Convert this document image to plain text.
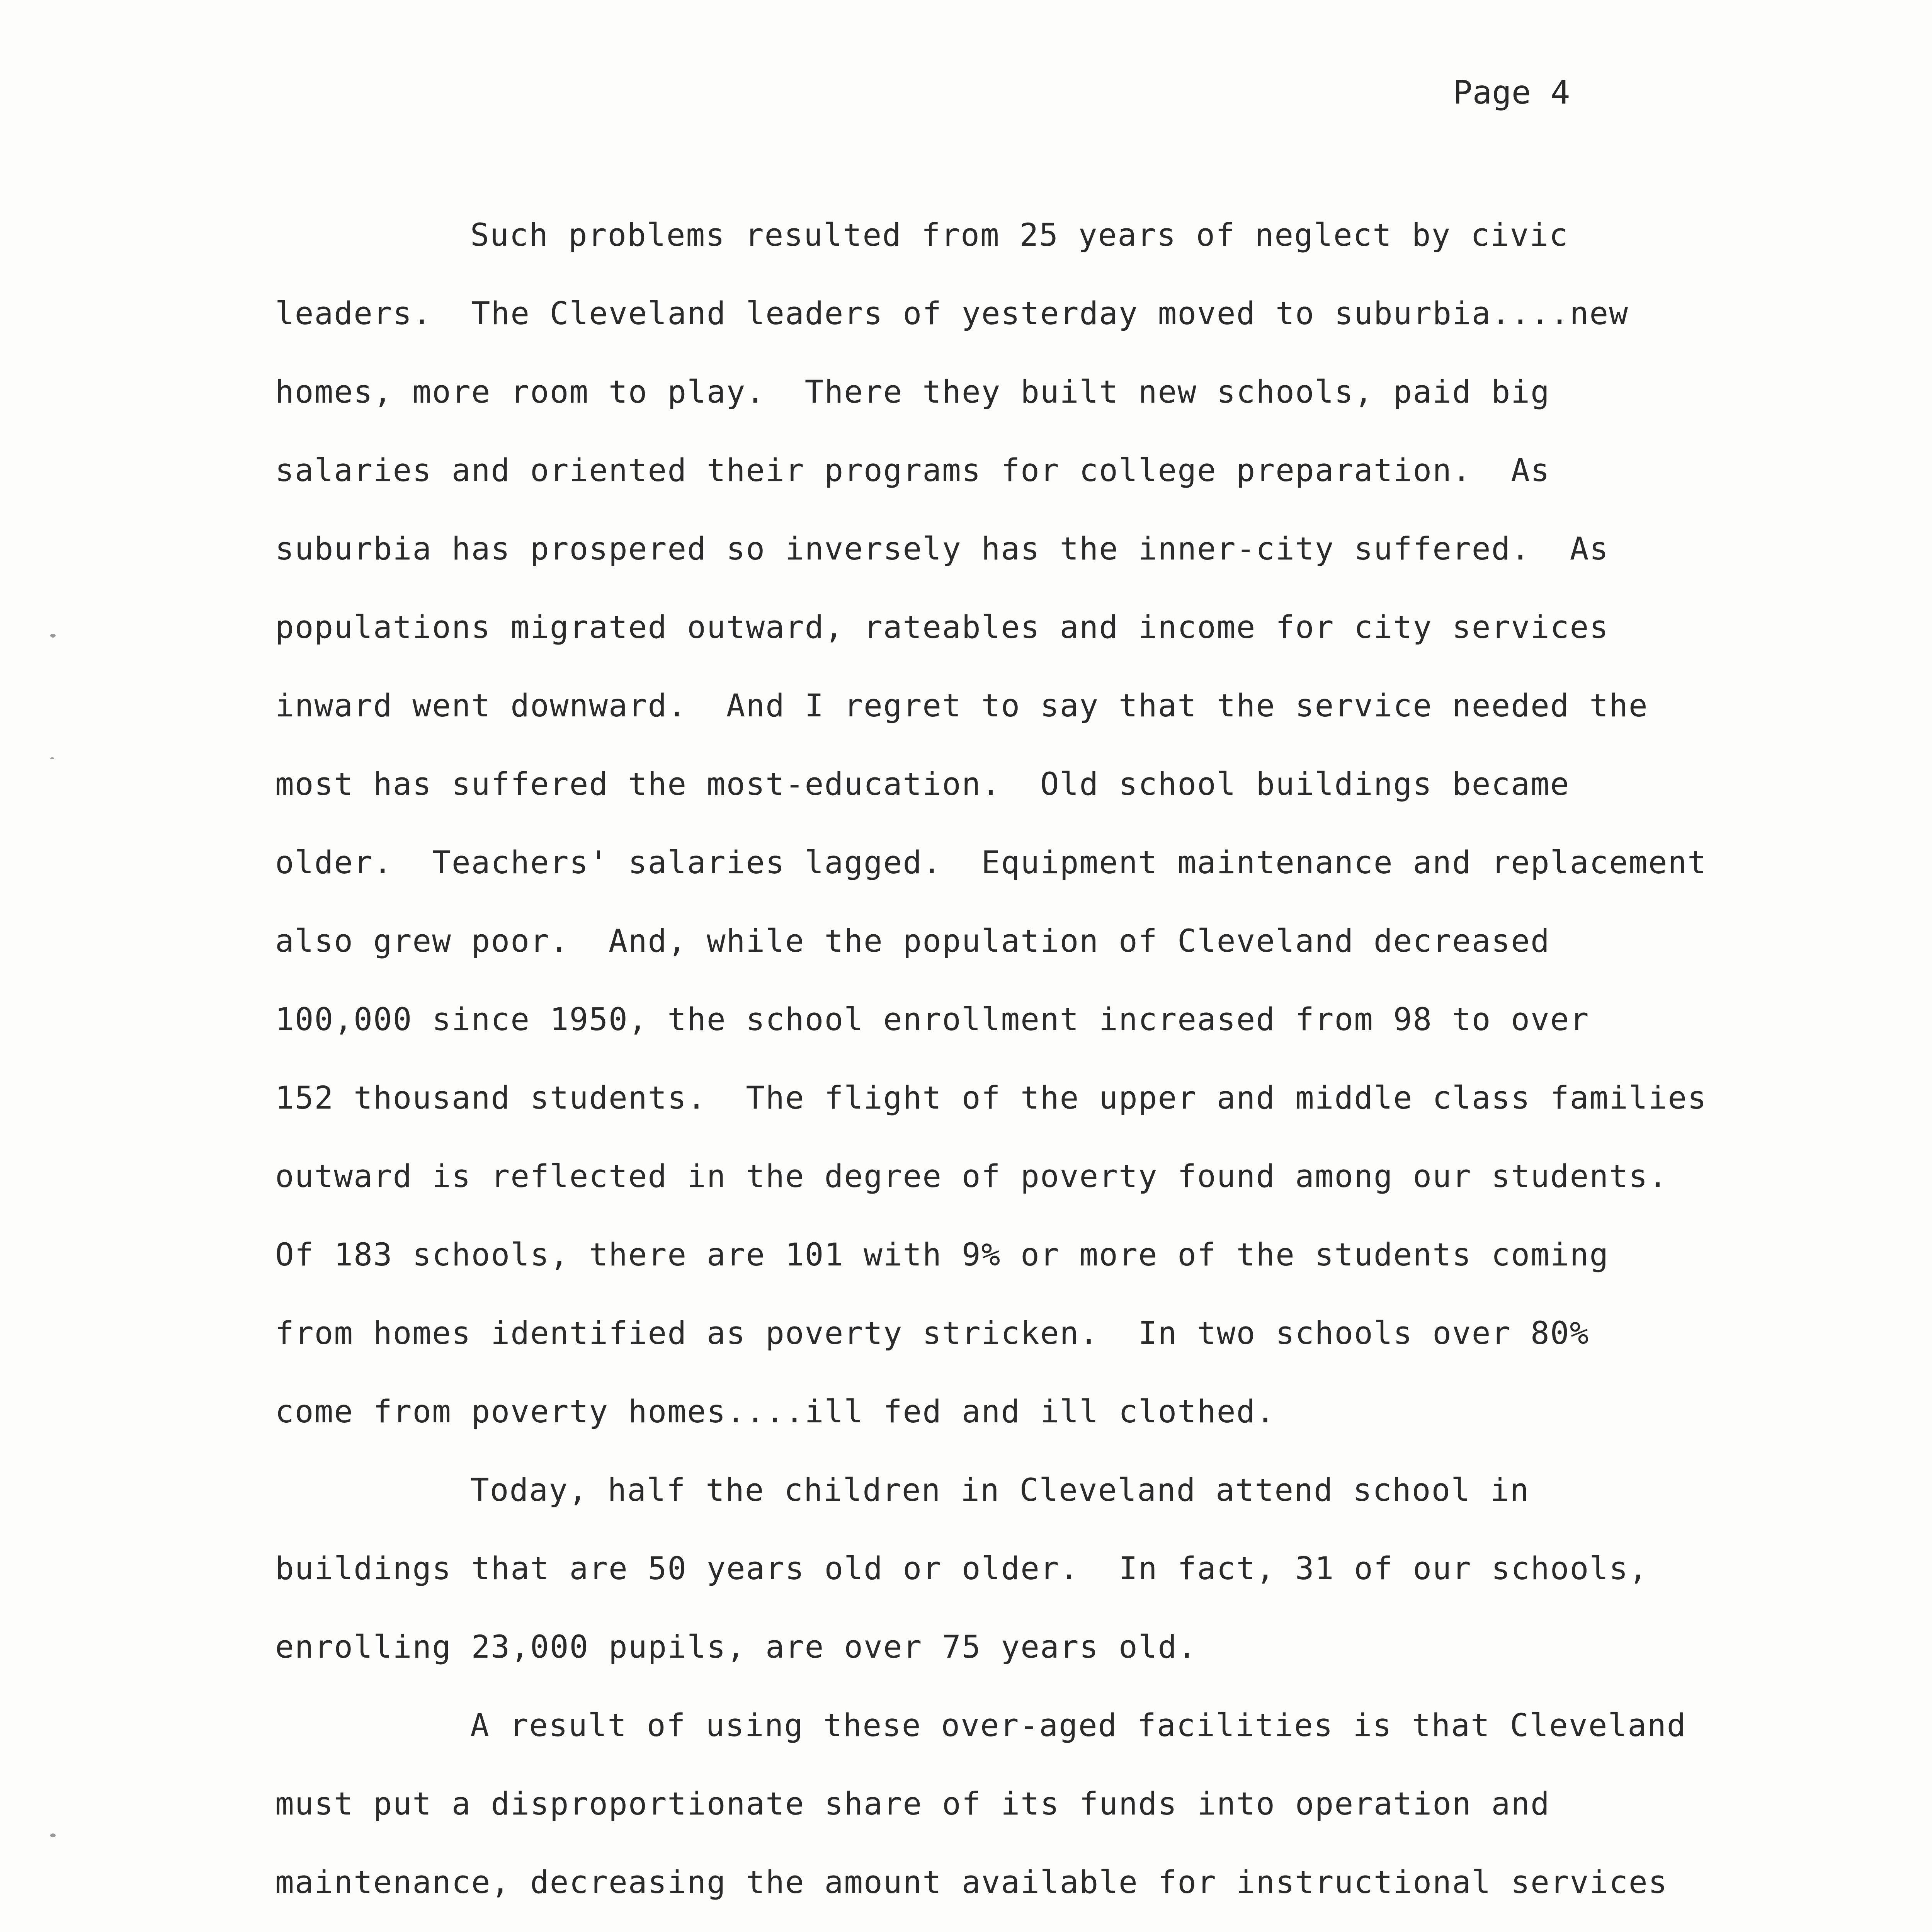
Page 4
Such problems resulted from 25 years of neglect by civic
leaders.  The Cleveland leaders of yesterday moved to suburbia....new
homes, more room to play.  There they built new schools, paid big
salaries and oriented their programs for college preparation.  As
suburbia has prospered so inversely has the inner-city suffered.  As
populations migrated outward, rateables and income for city services
inward went downward.  And I regret to say that the service needed the
most has suffered the most-education.  Old school buildings became
older.  Teachers' salaries lagged.  Equipment maintenance and replacement
also grew poor.  And, while the population of Cleveland decreased
100,000 since 1950, the school enrollment increased from 98 to over
152 thousand students.  The flight of the upper and middle class families
outward is reflected in the degree of poverty found among our students.
Of 183 schools, there are 101 with 9% or more of the students coming
from homes identified as poverty stricken.  In two schools over 80%
come from poverty homes....ill fed and ill clothed.
Today, half the children in Cleveland attend school in
buildings that are 50 years old or older.  In fact, 31 of our schools,
enrolling 23,000 pupils, are over 75 years old.
A result of using these over-aged facilities is that Cleveland
must put a disproportionate share of its funds into operation and
maintenance, decreasing the amount available for instructional services
